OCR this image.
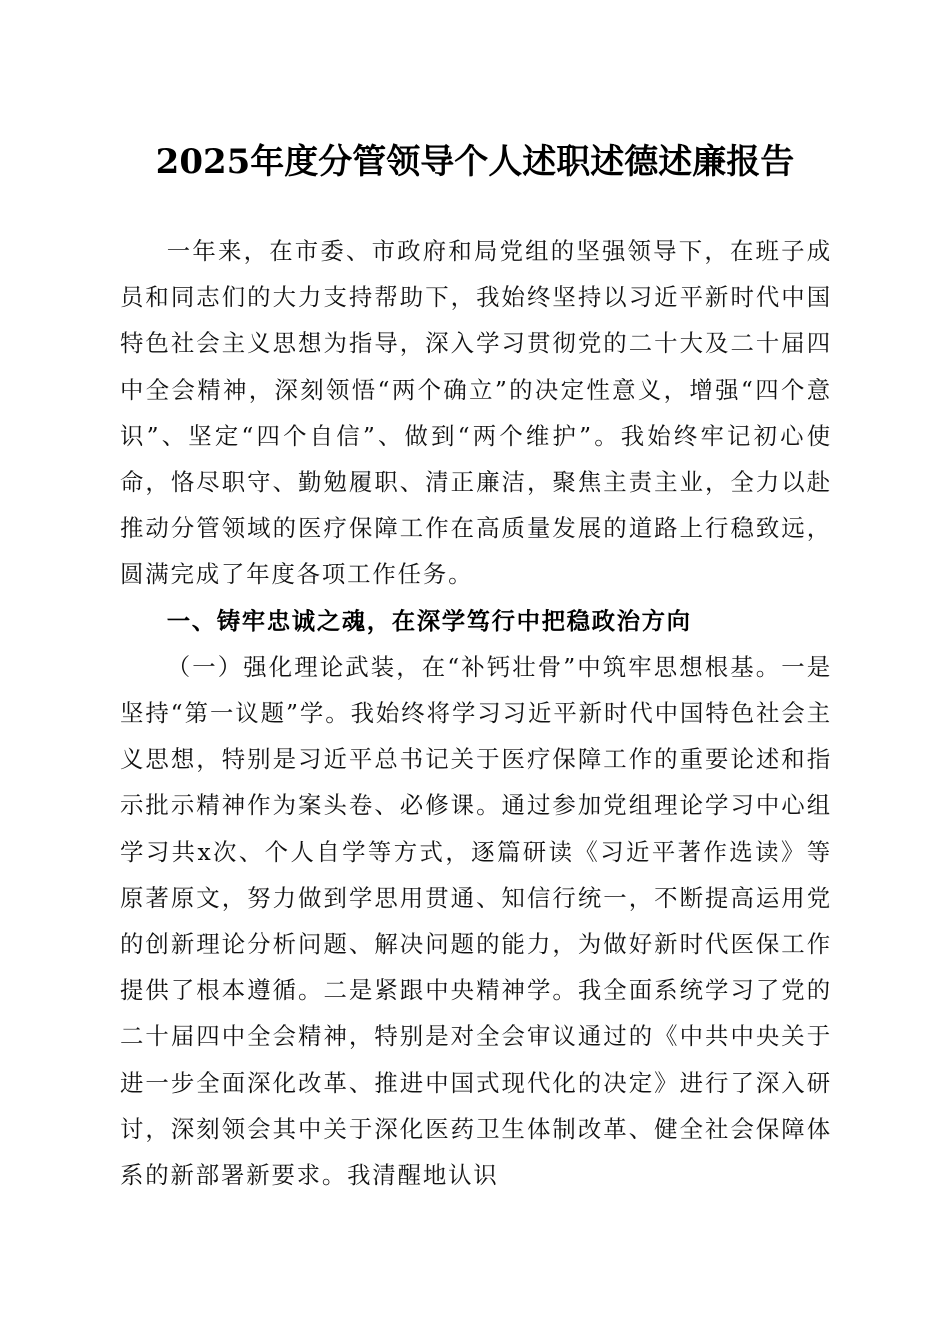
2025年度分管领导个人述职述德述廉报告

一年来，在市委、市政府和局党组的坚强领导下，在班子成员和同志们的大力支持帮助下，我始终坚持以习近平新时代中国特色社会主义思想为指导，深入学习贯彻党的二十大及二十届四中全会精神，深刻领悟“两个确立”的决定性意义，增强“四个意识”、坚定“四个自信”、做到“两个维护”。我始终牢记初心使命，恪尽职守、勤勉履职、清正廉洁，聚焦主责主业，全力以赴推动分管领域的医疗保障工作在高质量发展的道路上行稳致远，圆满完成了年度各项工作任务。

一、铸牢忠诚之魂，在深学笃行中把稳政治方向

（一）强化理论武装，在“补钙壮骨”中筑牢思想根基。一是坚持“第一议题”学。我始终将学习习近平新时代中国特色社会主义思想，特别是习近平总书记关于医疗保障工作的重要论述和指示批示精神作为案头卷、必修课。通过参加党组理论学习中心组学习共x次、个人自学等方式，逐篇研读《习近平著作选读》等原著原文，努力做到学思用贯通、知信行统一，不断提高运用党的创新理论分析问题、解决问题的能力，为做好新时代医保工作提供了根本遵循。二是紧跟中央精神学。我全面系统学习了党的二十届四中全会精神，特别是对全会审议通过的《中共中央关于进一步全面深化改革、推进中国式现代化的决定》进行了深入研讨，深刻领会其中关于深化医药卫生体制改革、健全社会保障体系的新部署新要求。我清醒地认识
